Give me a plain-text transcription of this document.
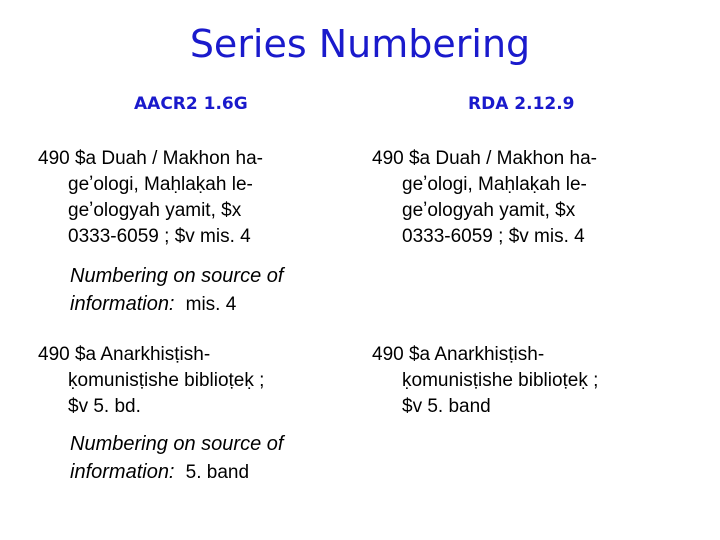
Series Numbering
AACR2 1.6G	RDA 2.12.9
490 $a Duah / Makhon ha-
geʼologi, Maḥlaḳah le-
geʼologyah yamit, $x
0333-6059 ; $v mis. 4
Numbering on source of
information: mis. 4
490 $a Duah / Makhon ha-
geʼologi, Maḥlaḳah le-
geʼologyah yamit, $x
0333-6059 ; $v mis. 4
490 $a Anarkhisṭish-
ḳomunisṭishe biblioṭeḳ ;
$v 5. bd.
Numbering on source of
information: 5. band
490 $a Anarkhisṭish-
ḳomunisṭishe biblioṭeḳ ;
$v 5. band
